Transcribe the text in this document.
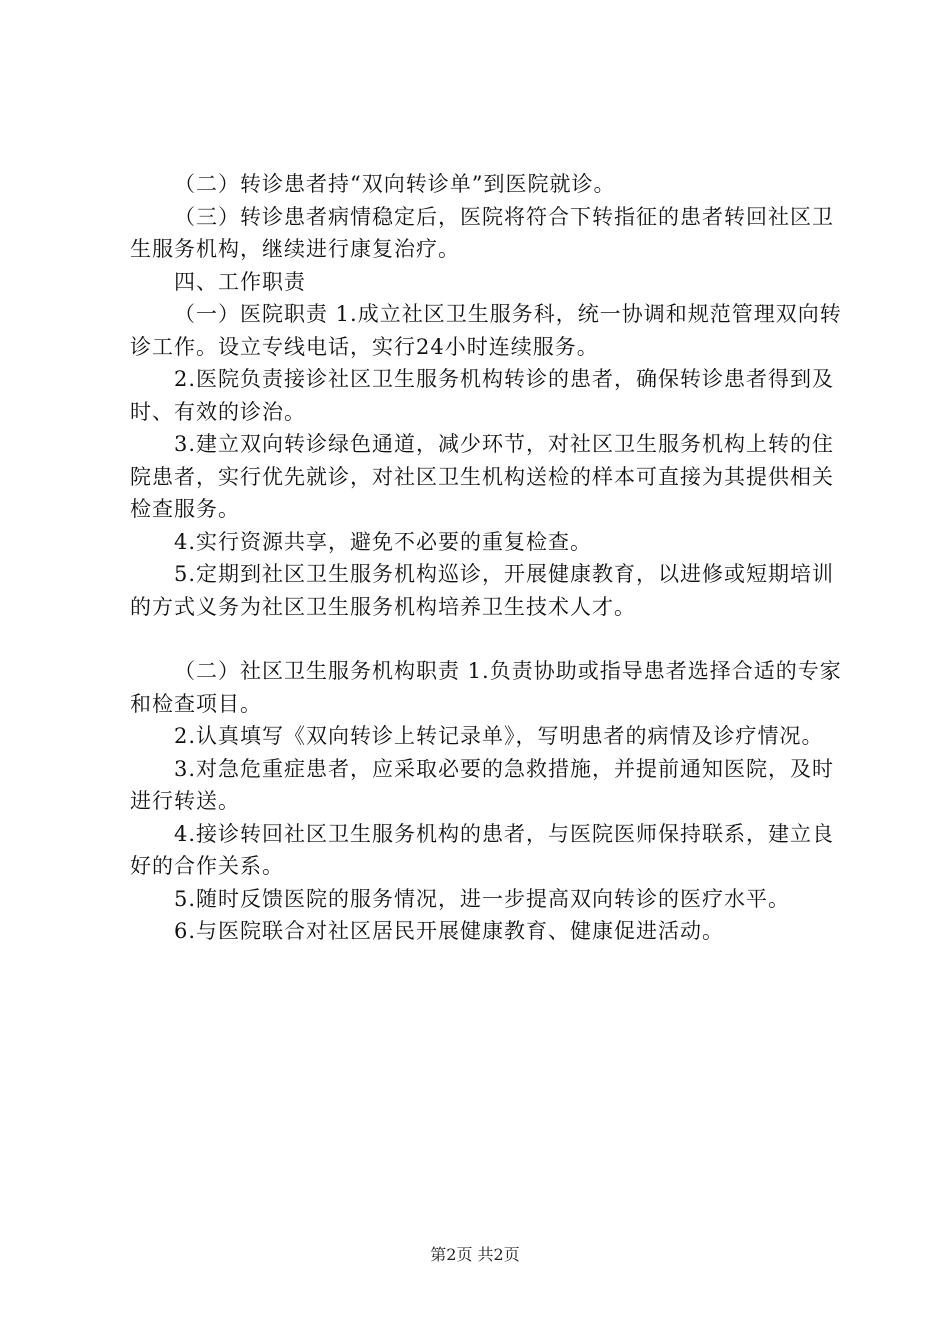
（二）转诊患者持“双向转诊单”到医院就诊。

（三）转诊患者病情稳定后，医院将符合下转指征的患者转回社区卫生服务机构，继续进行康复治疗。

四、工作职责

（一）医院职责 1.成立社区卫生服务科，统一协调和规范管理双向转诊工作。设立专线电话，实行24小时连续服务。

2.医院负责接诊社区卫生服务机构转诊的患者，确保转诊患者得到及时、有效的诊治。

3.建立双向转诊绿色通道，减少环节，对社区卫生服务机构上转的住院患者，实行优先就诊，对社区卫生机构送检的样本可直接为其提供相关检查服务。

4.实行资源共享，避免不必要的重复检查。

5.定期到社区卫生服务机构巡诊，开展健康教育，以进修或短期培训的方式义务为社区卫生服务机构培养卫生技术人才。

（二）社区卫生服务机构职责 1.负责协助或指导患者选择合适的专家和检查项目。

2.认真填写《双向转诊上转记录单》，写明患者的病情及诊疗情况。

3.对急危重症患者，应采取必要的急救措施，并提前通知医院，及时进行转送。

4.接诊转回社区卫生服务机构的患者，与医院医师保持联系，建立良好的合作关系。

5.随时反馈医院的服务情况，进一步提高双向转诊的医疗水平。

6.与医院联合对社区居民开展健康教育、健康促进活动。

第2页 共2页
